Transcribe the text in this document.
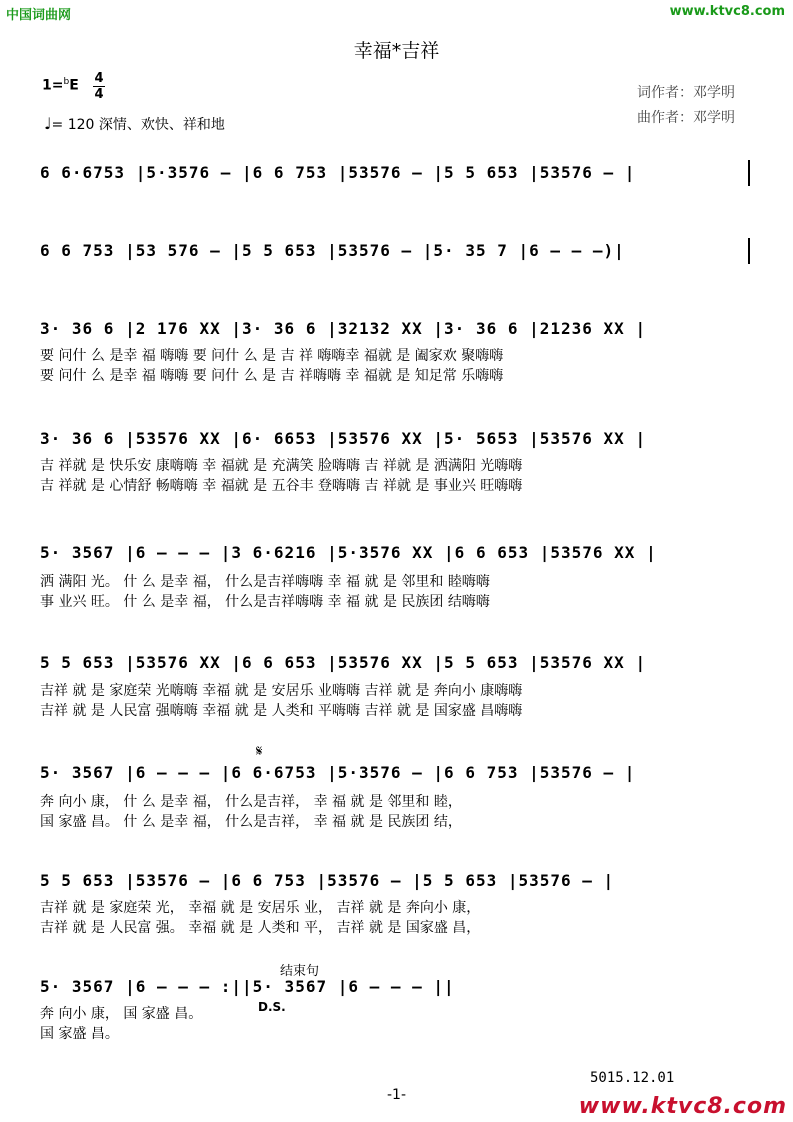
中国词曲网	www.ktvc8.com
幸福*吉祥
1=$^b$E 4
4
♩= 120 深情、欢快、祥和地
词作者：邓学明
曲作者：邓学明
6 6·6753 |5·3576 – |6 6 753 |53576 – |5 5 653 |53576 – |
6 6 753 |53 576 – |5 5 653 |53576 – |5· 35 7 |6 – – –)|
3· 36 6 |2 176 XX |3· 36 6 |32132 XX |3· 36 6 |21236 XX |
要 问什 么 是幸 福 嗨嗨 要 问什 么 是 吉 祥 嗨嗨幸 福就 是 阖家欢 聚嗨嗨
要 问什 么 是幸 福 嗨嗨 要 问什 么 是 吉 祥嗨嗨 幸 福就 是 知足常 乐嗨嗨
3· 36 6 |53576 XX |6· 6653 |53576 XX |5· 5653 |53576 XX |
吉 祥就 是 快乐安 康嗨嗨 幸 福就 是 充满笑 脸嗨嗨 吉 祥就 是 洒满阳 光嗨嗨
吉 祥就 是 心情舒 畅嗨嗨 幸 福就 是 五谷丰 登嗨嗨 吉 祥就 是 事业兴 旺嗨嗨
5· 3567 |6 – – – |3 6·6216 |5·3576 XX |6 6 653 |53576 XX |
洒 满阳 光。 什 么 是幸 福， 什么是吉祥嗨嗨 幸 福 就 是 邻里和 睦嗨嗨
事 业兴 旺。 什 么 是幸 福， 什么是吉祥嗨嗨 幸 福 就 是 民族团 结嗨嗨
5 5 653 |53576 XX |6 6 653 |53576 XX |5 5 653 |53576 XX |
吉祥 就 是 家庭荣 光嗨嗨 幸福 就 是 安居乐 业嗨嗨 吉祥 就 是 奔向小 康嗨嗨
吉祥 就 是 人民富 强嗨嗨 幸福 就 是 人类和 平嗨嗨 吉祥 就 是 国家盛 昌嗨嗨
𝄋
5· 3567 |6 – – – |6 6·6753 |5·3576 – |6 6 753 |53576 – |
奔 向小 康， 什 么 是幸 福， 什么是吉祥， 幸 福 就 是 邻里和 睦，
国 家盛 昌。 什 么 是幸 福， 什么是吉祥， 幸 福 就 是 民族团 结，
5 5 653 |53576 – |6 6 753 |53576 – |5 5 653 |53576 – |
吉祥 就 是 家庭荣 光， 幸福 就 是 安居乐 业， 吉祥 就 是 奔向小 康，
吉祥 就 是 人民富 强。 幸福 就 是 人类和 平， 吉祥 就 是 国家盛 昌，
结束句
5· 3567 |6 – – – :||5· 3567 |6 – – – ||
D.S.
奔 向小 康， 国 家盛 昌。
国 家盛 昌。
5015.12.01
-1-	www.ktvc8.com
